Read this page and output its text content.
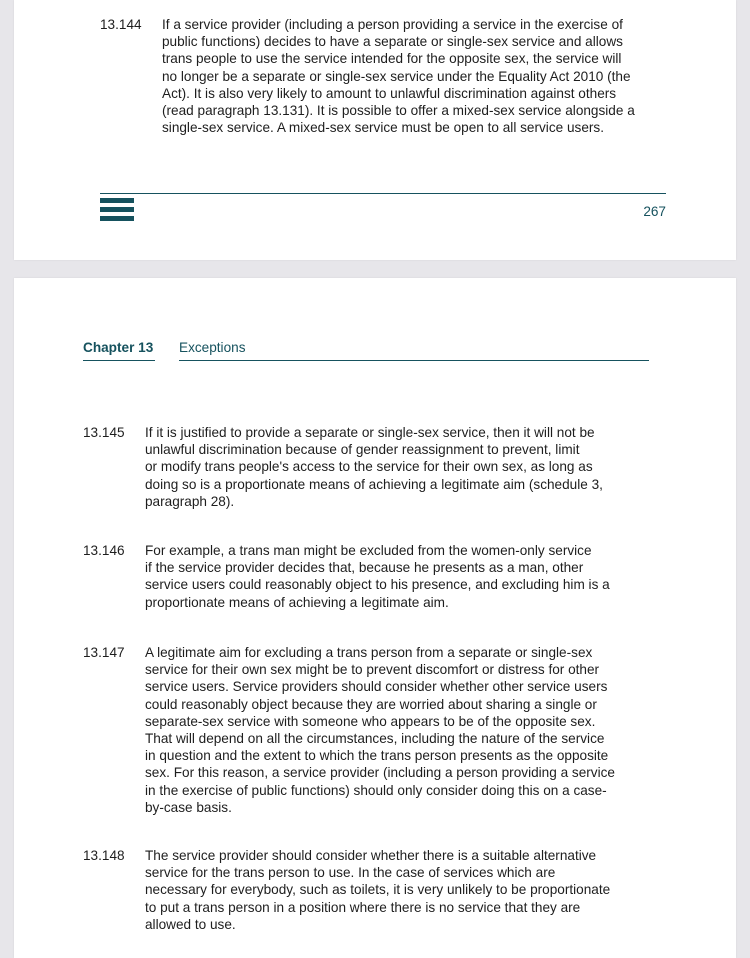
13.144 If a service provider (including a person providing a service in the exercise of
public functions) decides to have a separate or single-sex service and allows
trans people to use the service intended for the opposite sex, the service will
no longer be a separate or single-sex service under the Equality Act 2010 (the
Act). It is also very likely to amount to unlawful discrimination against others
(read paragraph 13.131). It is possible to offer a mixed-sex service alongside a
single-sex service. A mixed-sex service must be open to all service users.

267
Chapter 13 Exceptions
13.145 If it is justified to provide a separate or single-sex service, then it will not be
unlawful discrimination because of gender reassignment to prevent, limit
or modify trans people's access to the service for their own sex, as long as
doing so is a proportionate means of achieving a legitimate aim (schedule 3,
paragraph 28).

13.146 For example, a trans man might be excluded from the women-only service
if the service provider decides that, because he presents as a man, other
service users could reasonably object to his presence, and excluding him is a
proportionate means of achieving a legitimate aim.

13.147 A legitimate aim for excluding a trans person from a separate or single-sex
service for their own sex might be to prevent discomfort or distress for other
service users. Service providers should consider whether other service users
could reasonably object because they are worried about sharing a single or
separate-sex service with someone who appears to be of the opposite sex.
That will depend on all the circumstances, including the nature of the service
in question and the extent to which the trans person presents as the opposite
sex. For this reason, a service provider (including a person providing a service
in the exercise of public functions) should only consider doing this on a case-
by-case basis.

13.148 The service provider should consider whether there is a suitable alternative
service for the trans person to use. In the case of services which are
necessary for everybody, such as toilets, it is very unlikely to be proportionate
to put a trans person in a position where there is no service that they are
allowed to use.
